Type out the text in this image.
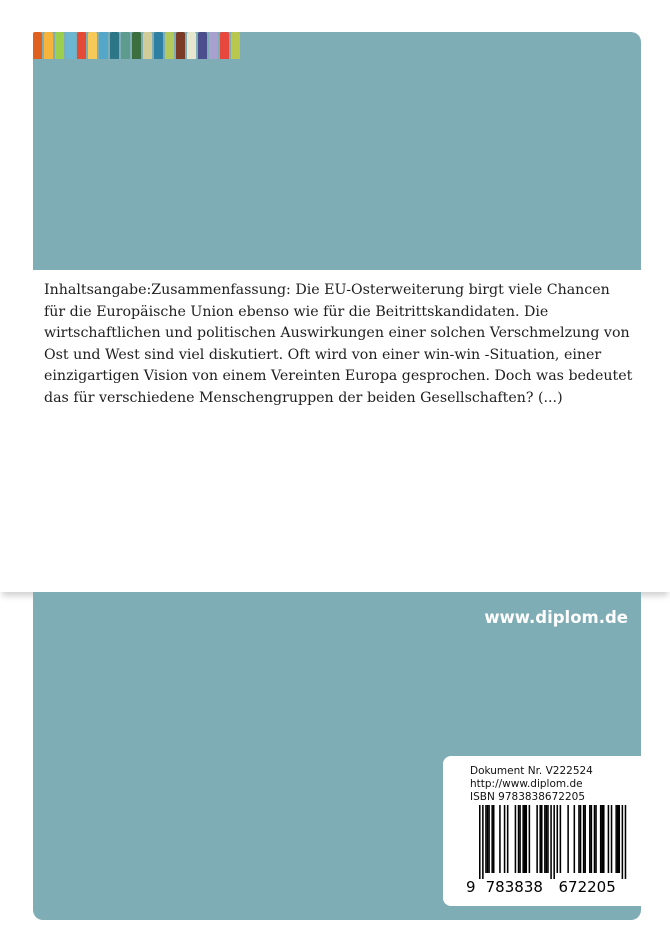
Inhaltsangabe:Zusammenfassung: Die EU-Osterweiterung birgt viele Chancen für die Europäische Union ebenso wie für die Beitrittskandidaten. Die wirtschaftlichen und politischen Auswirkungen einer solchen Verschmelzung von Ost und West sind viel diskutiert. Oft wird von einer win-win -Situation, einer einzigartigen Vision von einem Vereinten Europa gesprochen. Doch was bedeutet das für verschiedene Menschengruppen der beiden Gesellschaften? (...)

www.diplom.de
Dokument Nr. V222524
http://www.diplom.de
ISBN 9783838672205
9 783838 672205
